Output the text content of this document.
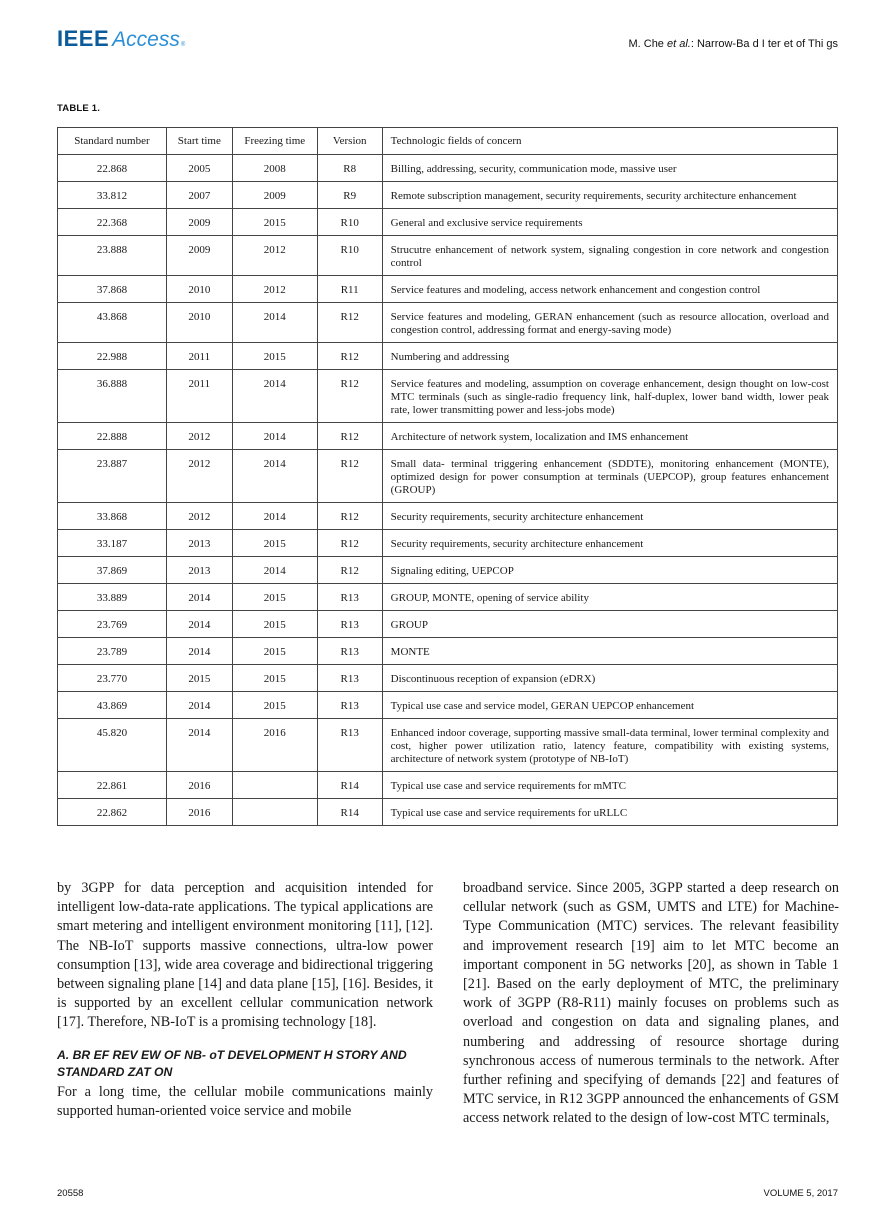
IEEE Access ®	M. Che et al.: Narrow-Ba d I ter et of Thi gs
TABLE 1.
Standard number	Start time	Freezing time	Version	Technologic fields of concern
22.868	2005	2008	R8	Billing, addressing, security, communication mode, massive user
33.812	2007	2009	R9	Remote subscription management, security requirements, security architecture enhancement
22.368	2009	2015	R10	General and exclusive service requirements
23.888	2009	2012	R10	Strucutre enhancement of network system, signaling congestion in core network and congestion control
37.868	2010	2012	R11	Service features and modeling, access network enhancement and congestion control
43.868	2010	2014	R12	Service features and modeling, GERAN enhancement (such as resource allocation, overload and congestion control, addressing format and energy-saving mode)
22.988	2011	2015	R12	Numbering and addressing
36.888	2011	2014	R12	Service features and modeling, assumption on coverage enhancement, design thought on low-cost MTC terminals (such as single-radio frequency link, half-duplex, lower band width, lower peak rate, lower transmitting power and less-jobs mode)
22.888	2012	2014	R12	Architecture of network system, localization and IMS enhancement
23.887	2012	2014	R12	Small data- terminal triggering enhancement (SDDTE), monitoring enhancement (MONTE), optimized design for power consumption at terminals (UEPCOP), group features enhancement (GROUP)
33.868	2012	2014	R12	Security requirements, security architecture enhancement
33.187	2013	2015	R12	Security requirements, security architecture enhancement
37.869	2013	2014	R12	Signaling editing, UEPCOP
33.889	2014	2015	R13	GROUP, MONTE, opening of service ability
23.769	2014	2015	R13	GROUP
23.789	2014	2015	R13	MONTE
23.770	2015	2015	R13	Discontinuous reception of expansion (eDRX)
43.869	2014	2015	R13	Typical use case and service model, GERAN UEPCOP enhancement
45.820	2014	2016	R13	Enhanced indoor coverage, supporting massive small-data terminal, lower terminal complexity and cost, higher power utilization ratio, latency feature, compatibility with existing systems, architecture of network system (prototype of NB-IoT)
22.861	2016		R14	Typical use case and service requirements for mMTC
22.862	2016		R14	Typical use case and service requirements for uRLLC

by 3GPP for data perception and acquisition intended for intelligent low-data-rate applications. The typical applications are smart metering and intelligent environment monitoring [11], [12]. The NB-IoT supports massive connections, ultra-low power consumption [13], wide area coverage and bidirectional triggering between signaling plane [14] and data plane [15], [16]. Besides, it is supported by an excellent cellular communication network [17]. Therefore, NB-IoT is a promising technology [18].

A. BR EF REV EW OF NB- oT DEVELOPMENT H STORY AND STANDARD ZAT ON

For a long time, the cellular mobile communications mainly supported human-oriented voice service and mobile

broadband service. Since 2005, 3GPP started a deep research on cellular network (such as GSM, UMTS and LTE) for Machine-Type Communication (MTC) services. The relevant feasibility and improvement research [19] aim to let MTC become an important component in 5G networks [20], as shown in Table 1 [21]. Based on the early deployment of MTC, the preliminary work of 3GPP (R8-R11) mainly focuses on problems such as overload and congestion on data and signaling planes, and numbering and addressing of resource shortage during synchronous access of numerous terminals to the network. After further refining and specifying of demands [22] and features of MTC service, in R12 3GPP announced the enhancements of GSM access network related to the design of low-cost MTC terminals,

20558	VOLUME 5, 2017
